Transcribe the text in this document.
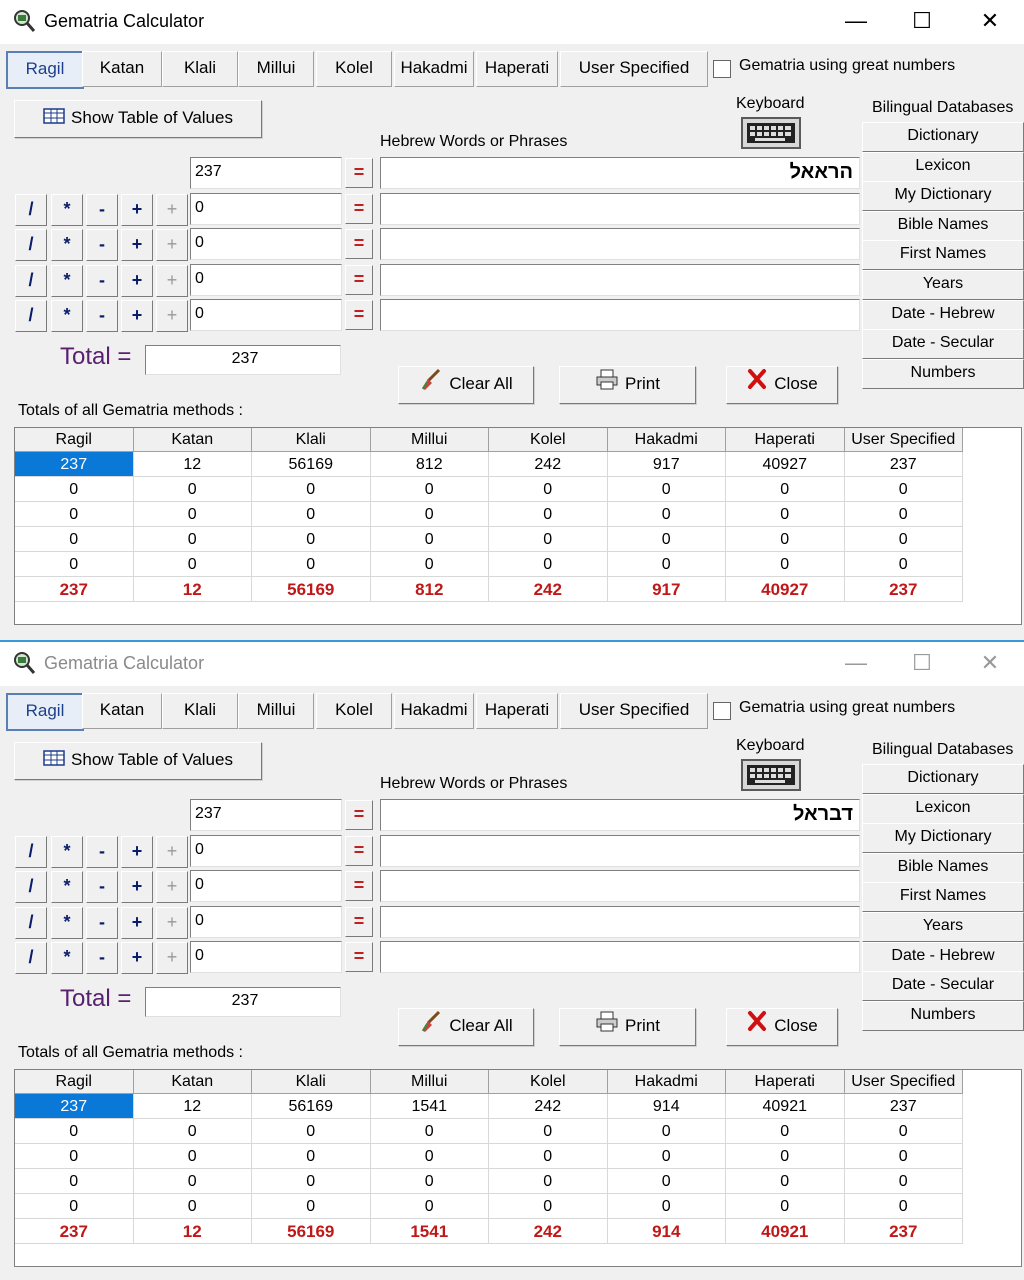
Gematria Calculator	—	☐	✕
Ragil	Katan	Klali	Millui	Kolel	Hakadmi	Haperati	User Specified	Gematria using great numbers
Show Table of Values
Keyboard
Hebrew Words or Phrases
Bilingual Databases
Dictionary
Lexicon
My Dictionary
Bible Names
First Names
Years
Date - Hebrew
Date - Secular
Numbers
237	=	הראאל
/	*	-	+	+	0	=
/	*	-	+	+	0	=
/	*	-	+	+	0	=
/	*	-	+	+	0	=
Total =	237
Clear All	Print	Close
Totals of all Gematria methods :
Ragil	Katan	Klali	Millui	Kolel	Hakadmi	Haperati	User Specified
237	12	56169	812	242	917	40927	237
0	0	0	0	0	0	0	0
0	0	0	0	0	0	0	0
0	0	0	0	0	0	0	0
0	0	0	0	0	0	0	0
237	12	56169	812	242	917	40927	237
Gematria Calculator	—	☐	✕
Ragil	Katan	Klali	Millui	Kolel	Hakadmi	Haperati	User Specified	Gematria using great numbers
Show Table of Values
Keyboard
Hebrew Words or Phrases
Bilingual Databases
Dictionary
Lexicon
My Dictionary
Bible Names
First Names
Years
Date - Hebrew
Date - Secular
Numbers
237	=	דבראל
/	*	-	+	+	0	=
/	*	-	+	+	0	=
/	*	-	+	+	0	=
/	*	-	+	+	0	=
Total =	237
Clear All	Print	Close
Totals of all Gematria methods :
Ragil	Katan	Klali	Millui	Kolel	Hakadmi	Haperati	User Specified
237	12	56169	1541	242	914	40921	237
0	0	0	0	0	0	0	0
0	0	0	0	0	0	0	0
0	0	0	0	0	0	0	0
0	0	0	0	0	0	0	0
237	12	56169	1541	242	914	40921	237
